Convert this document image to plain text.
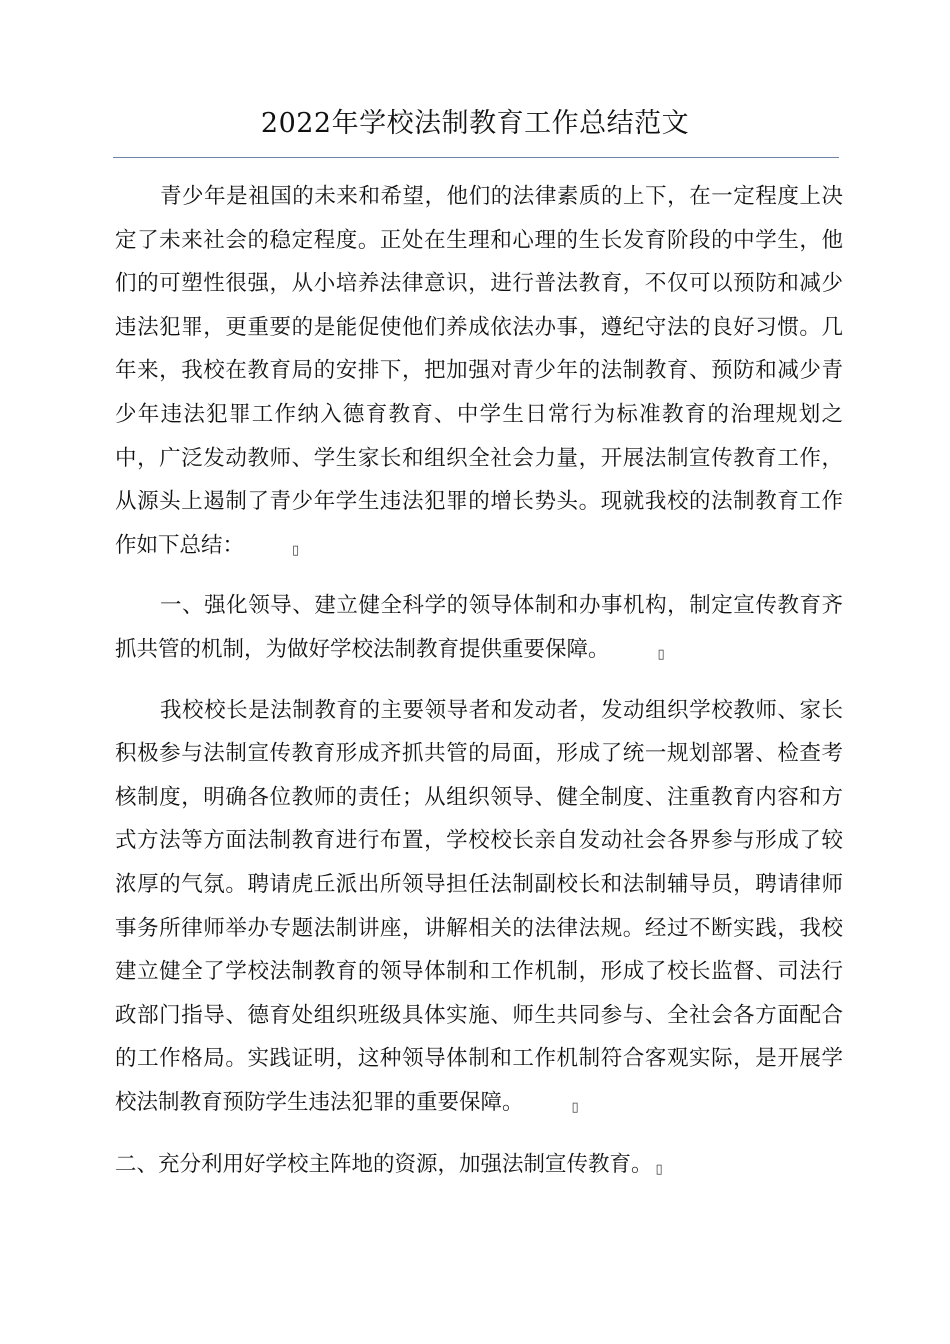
2022年学校法制教育工作总结范文

青少年是祖国的未来和希望，他们的法律素质的上下，在一定程度上决定了未来社会的稳定程度。正处在生理和心理的生长发育阶段的中学生，他们的可塑性很强，从小培养法律意识，进行普法教育，不仅可以预防和减少违法犯罪，更重要的是能促使他们养成依法办事，遵纪守法的良好习惯。几年来，我校在教育局的安排下，把加强对青少年的法制教育、预防和减少青少年违法犯罪工作纳入德育教育、中学生日常行为标准教育的治理规划之中，广泛发动教师、学生家长和组织全社会力量，开展法制宣传教育工作，从源头上遏制了青少年学生违法犯罪的增长势头。现就我校的法制教育工作作如下总结：	▯

一、强化领导、建立健全科学的领导体制和办事机构，制定宣传教育齐抓共管的机制，为做好学校法制教育提供重要保障。	▯

我校校长是法制教育的主要领导者和发动者，发动组织学校教师、家长积极参与法制宣传教育形成齐抓共管的局面，形成了统一规划部署、检查考核制度，明确各位教师的责任；从组织领导、健全制度、注重教育内容和方式方法等方面法制教育进行布置，学校校长亲自发动社会各界参与形成了较浓厚的气氛。聘请虎丘派出所领导担任法制副校长和法制辅导员，聘请律师事务所律师举办专题法制讲座，讲解相关的法律法规。经过不断实践，我校建立健全了学校法制教育的领导体制和工作机制，形成了校长监督、司法行政部门指导、德育处组织班级具体实施、师生共同参与、全社会各方面配合的工作格局。实践证明，这种领导体制和工作机制符合客观实际，是开展学校法制教育预防学生违法犯罪的重要保障。	▯

二、充分利用好学校主阵地的资源，加强法制宣传教育。 ▯
